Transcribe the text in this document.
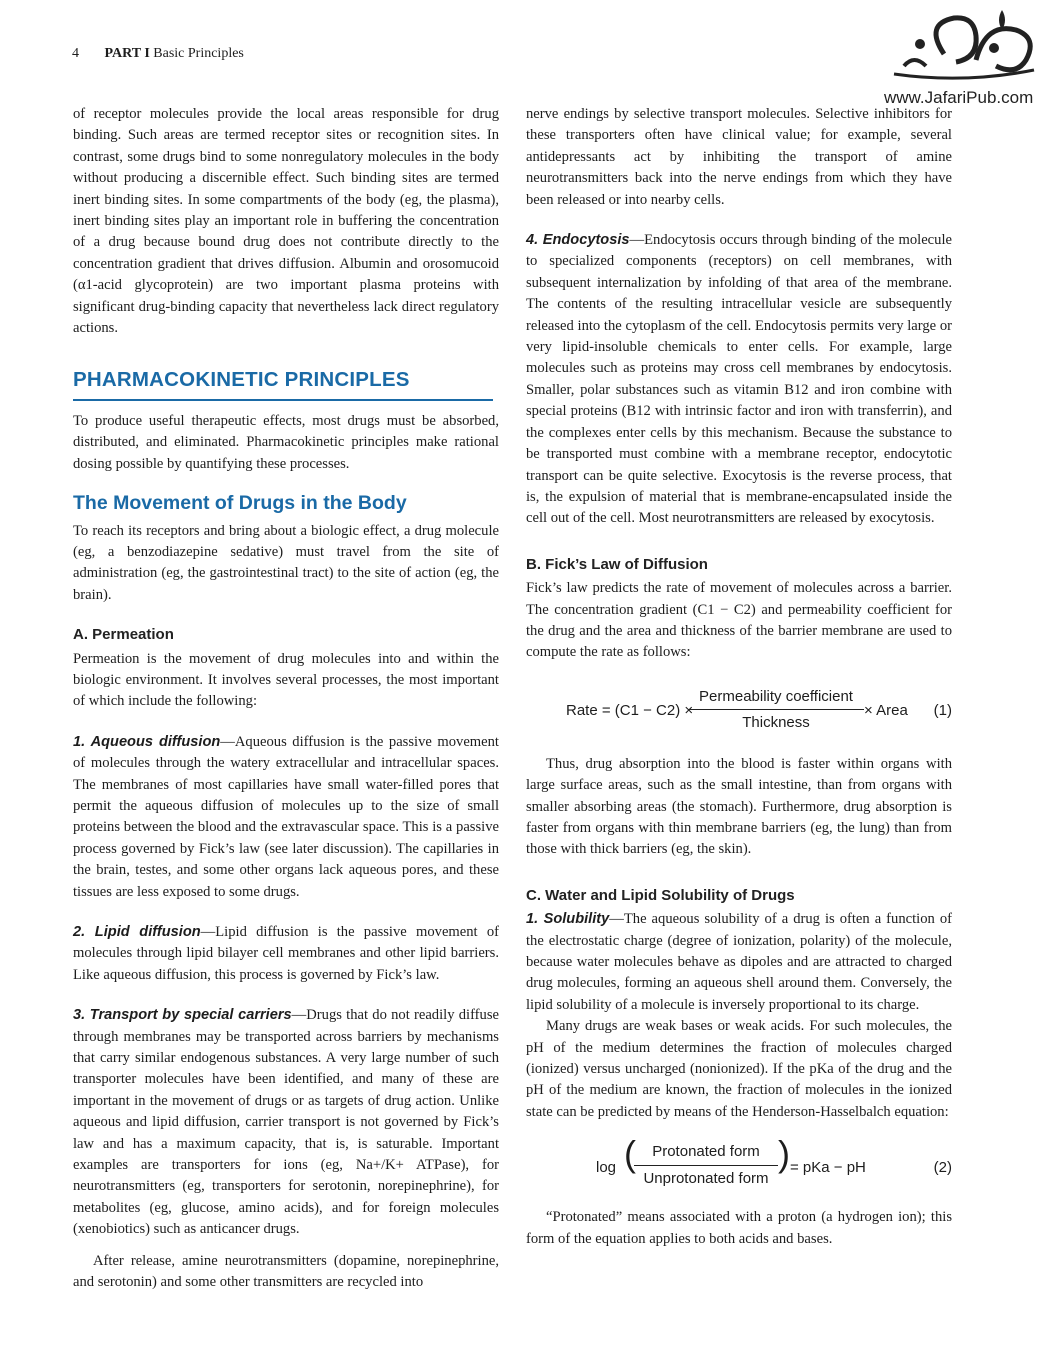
4 PART I Basic Principles
www.JafariPub.com

of receptor molecules provide the local areas responsible for drug binding. Such areas are termed receptor sites or recognition sites. In contrast, some drugs bind to some nonregulatory molecules in the body without producing a discernible effect. Such binding sites are termed inert binding sites. In some compartments of the body (eg, the plasma), inert binding sites play an important role in buffering the concentration of a drug because bound drug does not contribute directly to the concentration gradient that drives diffusion. Albumin and orosomucoid (α1-acid glycoprotein) are two important plasma proteins with significant drug-binding capacity that nevertheless lack direct regulatory actions.

PHARMACOKINETIC PRINCIPLES

To produce useful therapeutic effects, most drugs must be absorbed, distributed, and eliminated. Pharmacokinetic principles make rational dosing possible by quantifying these processes.

The Movement of Drugs in the Body

To reach its receptors and bring about a biologic effect, a drug molecule (eg, a benzodiazepine sedative) must travel from the site of administration (eg, the gastrointestinal tract) to the site of action (eg, the brain).

A. Permeation

Permeation is the movement of drug molecules into and within the biologic environment. It involves several processes, the most important of which include the following:

1. Aqueous diffusion—Aqueous diffusion is the passive movement of molecules through the watery extracellular and intracellular spaces. The membranes of most capillaries have small water-filled pores that permit the aqueous diffusion of molecules up to the size of small proteins between the blood and the extravascular space. This is a passive process governed by Fick’s law (see later discussion). The capillaries in the brain, testes, and some other organs lack aqueous pores, and these tissues are less exposed to some drugs.

2. Lipid diffusion—Lipid diffusion is the passive movement of molecules through lipid bilayer cell membranes and other lipid barriers. Like aqueous diffusion, this process is governed by Fick’s law.

3. Transport by special carriers—Drugs that do not readily diffuse through membranes may be transported across barriers by mechanisms that carry similar endogenous substances. A very large number of such transporter molecules have been identified, and many of these are important in the movement of drugs or as targets of drug action. Unlike aqueous and lipid diffusion, carrier transport is not governed by Fick’s law and has a maximum capacity, that is, is saturable. Important examples are transporters for ions (eg, Na+/K+ ATPase), for neurotransmitters (eg, transporters for serotonin, norepinephrine), for metabolites (eg, glucose, amino acids), and for foreign molecules (xenobiotics) such as anticancer drugs.

After release, amine neurotransmitters (dopamine, norepinephrine, and serotonin) and some other transmitters are recycled into

nerve endings by selective transport molecules. Selective inhibitors for these transporters often have clinical value; for example, several antidepressants act by inhibiting the transport of amine neurotransmitters back into the nerve endings from which they have been released or into nearby cells.

4. Endocytosis—Endocytosis occurs through binding of the molecule to specialized components (receptors) on cell membranes, with subsequent internalization by infolding of that area of the membrane. The contents of the resulting intracellular vesicle are subsequently released into the cytoplasm of the cell. Endocytosis permits very large or very lipid-insoluble chemicals to enter cells. For example, large molecules such as proteins may cross cell membranes by endocytosis. Smaller, polar substances such as vitamin B12 and iron combine with special proteins (B12 with intrinsic factor and iron with transferrin), and the complexes enter cells by this mechanism. Because the substance to be transported must combine with a membrane receptor, endocytotic transport can be quite selective. Exocytosis is the reverse process, that is, the expulsion of material that is membrane-encapsulated inside the cell out of the cell. Most neurotransmitters are released by exocytosis.

B. Fick’s Law of Diffusion

Fick’s law predicts the rate of movement of molecules across a barrier. The concentration gradient (C1 − C2) and permeability coefficient for the drug and the area and thickness of the barrier membrane are used to compute the rate as follows:

Rate = (C1 − C2) ×
Permeability coefficient
Thickness
× Area (1)

Thus, drug absorption into the blood is faster within organs with large surface areas, such as the small intestine, than from organs with smaller absorbing areas (the stomach). Furthermore, drug absorption is faster from organs with thin membrane barriers (eg, the lung) than from those with thick barriers (eg, the skin).

C. Water and Lipid Solubility of Drugs

1. Solubility—The aqueous solubility of a drug is often a function of the electrostatic charge (degree of ionization, polarity) of the molecule, because water molecules behave as dipoles and are attracted to charged drug molecules, forming an aqueous shell around them. Conversely, the lipid solubility of a molecule is inversely proportional to its charge.

Many drugs are weak bases or weak acids. For such molecules, the pH of the medium determines the fraction of molecules charged (ionized) versus uncharged (nonionized). If the pKa of the drug and the pH of the medium are known, the fraction of molecules in the ionized state can be predicted by means of the Henderson-Hasselbalch equation:

log (	Protonated form
Unprotonated form
) = pKa − pH	(2)

“Protonated” means associated with a proton (a hydrogen ion); this form of the equation applies to both acids and bases.
